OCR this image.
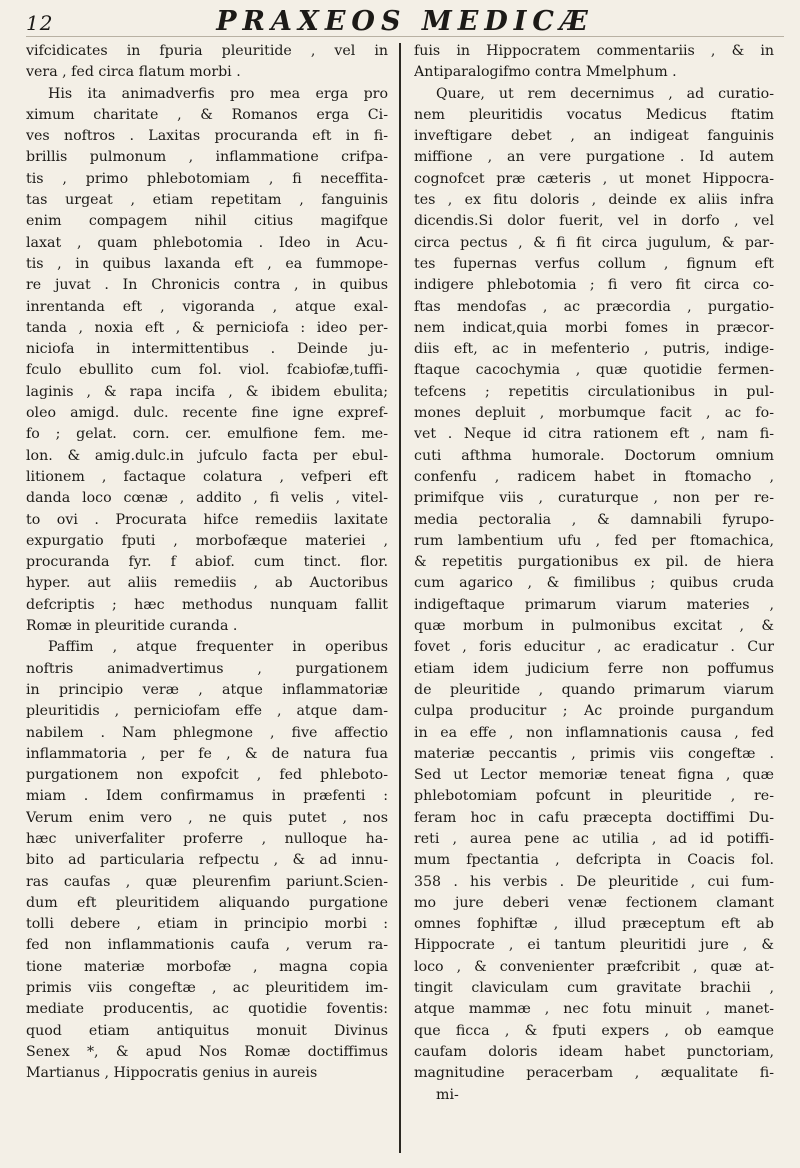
12	PRAXEOS MEDICÆ
vifcidicates in fpuria pleuritide , vel in
vera , fed circa flatum morbi .
His ita animadverfis pro mea erga pro
ximum charitate , & Romanos erga Ci-
ves noftros . Laxitas procuranda eft in fi-
brillis pulmonum , inflammatione crifpa-
tis , primo phlebotomiam , fi neceffita-
tas urgeat , etiam repetitam , fanguinis
enim compagem nihil citius magifque
laxat , quam phlebotomia . Ideo in Acu-
tis , in quibus laxanda eft , ea fummope-
re juvat . In Chronicis contra , in quibus
inrentanda eft , vigoranda , atque exal-
tanda , noxia eft , & perniciofa : ideo per-
niciofa in intermittentibus . Deinde ju-
fculo ebullito cum fol. viol. fcabiofæ,tuffi-
laginis , & rapa incifa , & ibidem ebulita;
oleo amigd. dulc. recente fine igne expref-
fo ; gelat. corn. cer. emulfione fem. me-
lon. & amig.dulc.in jufculo facta per ebul-
litionem , factaque colatura , vefperi eft
danda loco cœnæ , addito , fi velis , vitel-
to ovi . Procurata hifce remediis laxitate
expurgatio fputi , morbofæque materiei ,
procuranda fyr. f abiof. cum tinct. flor.
hyper. aut aliis remediis , ab Auctoribus
defcriptis ; hæc methodus nunquam fallit
Romæ in pleuritide curanda .
Paffim , atque frequenter in operibus
noftris animadvertimus , purgationem
in principio veræ , atque inflammatoriæ
pleuritidis , perniciofam effe , atque dam-
nabilem . Nam phlegmone , five affectio
inflammatoria , per fe , & de natura fua
purgationem non expofcit , fed phleboto-
miam . Idem confirmamus in præfenti :
Verum enim vero , ne quis putet , nos
hæc univerfaliter proferre , nulloque ha-
bito ad particularia refpectu , & ad innu-
ras caufas , quæ pleurenfim pariunt.Scien-
dum eft pleuritidem aliquando purgatione
tolli debere , etiam in principio morbi :
fed non inflammationis caufa , verum ra-
tione materiæ morbofæ , magna copia
primis viis congeftæ , ac pleuritidem im-
mediate producentis, ac quotidie foventis:
quod etiam antiquitus monuit Divinus
Senex *, & apud Nos Romæ doctiffimus
Martianus , Hippocratis genius in aureis
fuis in Hippocratem commentariis , & in
Antiparalogifmo contra Mmelphum .
Quare, ut rem decernimus , ad curatio-
nem pleuritidis vocatus Medicus ftatim
inveftigare debet , an indigeat fanguinis
miffione , an vere purgatione . Id autem
cognofcet præ cæteris , ut monet Hippocra-
tes , ex fitu doloris , deinde ex aliis infra
dicendis.Si dolor fuerit, vel in dorfo , vel
circa pectus , & fi fit circa jugulum, & par-
tes fupernas verfus collum , fignum eft
indigere phlebotomia ; fi vero fit circa co-
ftas mendofas , ac præcordia , purgatio-
nem indicat,quia morbi fomes in præcor-
diis eft, ac in mefenterio , putris, indige-
ftaque cacochymia , quæ quotidie fermen-
tefcens ; repetitis circulationibus in pul-
mones depluit , morbumque facit , ac fo-
vet . Neque id citra rationem eft , nam fi-
cuti afthma humorale. Doctorum omnium
confenfu , radicem habet in ftomacho ,
primifque viis , curaturque , non per re-
media pectoralia , & damnabili fyrupo-
rum lambentium ufu , fed per ftomachica,
& repetitis purgationibus ex pil. de hiera
cum agarico , & fimilibus ; quibus cruda
indigeftaque primarum viarum materies ,
quæ morbum in pulmonibus excitat , &
fovet , foris educitur , ac eradicatur . Cur
etiam idem judicium ferre non poffumus
de pleuritide , quando primarum viarum
culpa producitur ; Ac proinde purgandum
in ea effe , non inflamnationis causa , fed
materiæ peccantis , primis viis congeftæ .
Sed ut Lector memoriæ teneat figna , quæ
phlebotomiam pofcunt in pleuritide , re-
feram hoc in cafu præcepta doctiffimi Du-
reti , aurea pene ac utilia , ad id potiffi-
mum fpectantia , defcripta in Coacis fol.
358 . his verbis . De pleuritide , cui fum-
mo jure deberi venæ fectionem clamant
omnes fophiftæ , illud præceptum eft ab
Hippocrate , ei tantum pleuritidi jure , &
loco , & convenienter præfcribit , quæ at-
tingit claviculam cum gravitate brachii ,
atque mammæ , nec fotu minuit , manet-
que ficca , & fputi expers , ob eamque
caufam doloris ideam habet punctoriam,
magnitudine peracerbam , æqualitate fi-
mi-
